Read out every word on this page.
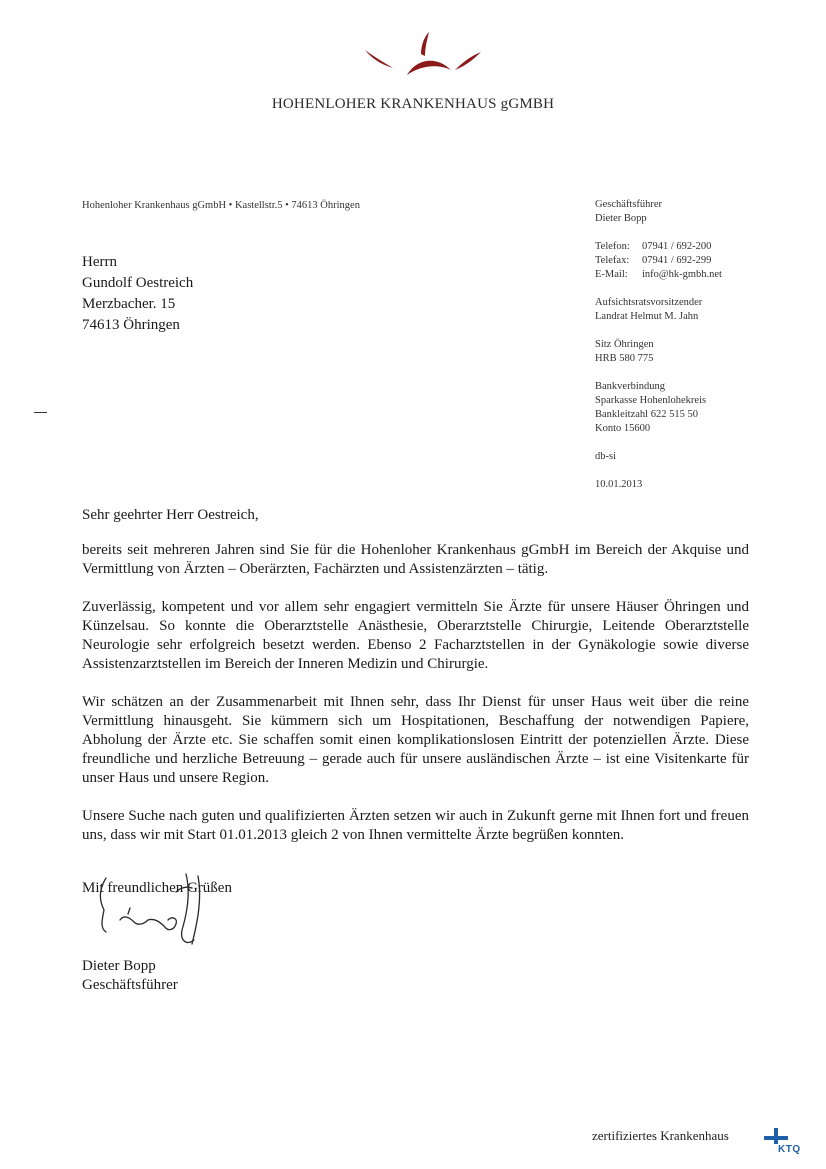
HOHENLOHER KRANKENHAUS gGMBH
Hohenloher Krankenhaus gGmbH • Kastellstr.5 • 74613 Öhringen
Herrn
Gundolf Oestreich
Merzbacher. 15
74613 Öhringen
Geschäftsführer
Dieter Bopp
Telefon:	07941 / 692-200
Telefax:	07941 / 692-299
E-Mail:	info@hk-gmbh.net
Aufsichtsratsvorsitzender
Landrat Helmut M. Jahn
Sitz Öhringen
HRB 580 775
Bankverbindung
Sparkasse Hohenlohekreis
Bankleitzahl 622 515 50
Konto 15600
db-si
10.01.2013
Sehr geehrter Herr Oestreich,

bereits seit mehreren Jahren sind Sie für die Hohenloher Krankenhaus gGmbH im Bereich der Akquise und Vermittlung von Ärzten – Oberärzten, Fachärzten und Assistenzärzten – tätig.

Zuverlässig, kompetent und vor allem sehr engagiert vermitteln Sie Ärzte für unsere Häuser Öhringen und Künzelsau. So konnte die Oberarztstelle Anästhesie, Oberarztstelle Chirurgie, Leitende Oberarztstelle Neurologie sehr erfolgreich besetzt werden. Ebenso 2 Facharztstellen in der Gynäkologie sowie diverse Assistenzarztstellen im Bereich der Inneren Medizin und Chirurgie.

Wir schätzen an der Zusammenarbeit mit Ihnen sehr, dass Ihr Dienst für unser Haus weit über die reine Vermittlung hinausgeht. Sie kümmern sich um Hospitationen, Beschaffung der notwendigen Papiere, Abholung der Ärzte etc. Sie schaffen somit einen komplikationslosen Eintritt der potenziellen Ärzte. Diese freundliche und herzliche Betreuung – gerade auch für unsere ausländischen Ärzte – ist eine Visitenkarte für unser Haus und unsere Region.

Unsere Suche nach guten und qualifizierten Ärzten setzen wir auch in Zukunft gerne mit Ihnen fort und freuen uns, dass wir mit Start 01.01.2013 gleich 2 von Ihnen vermittelte Ärzte begrüßen konnten.

Mit freundlichen Grüßen
Dieter Bopp
Geschäftsführer
zertifiziertes Krankenhaus
KTQ
